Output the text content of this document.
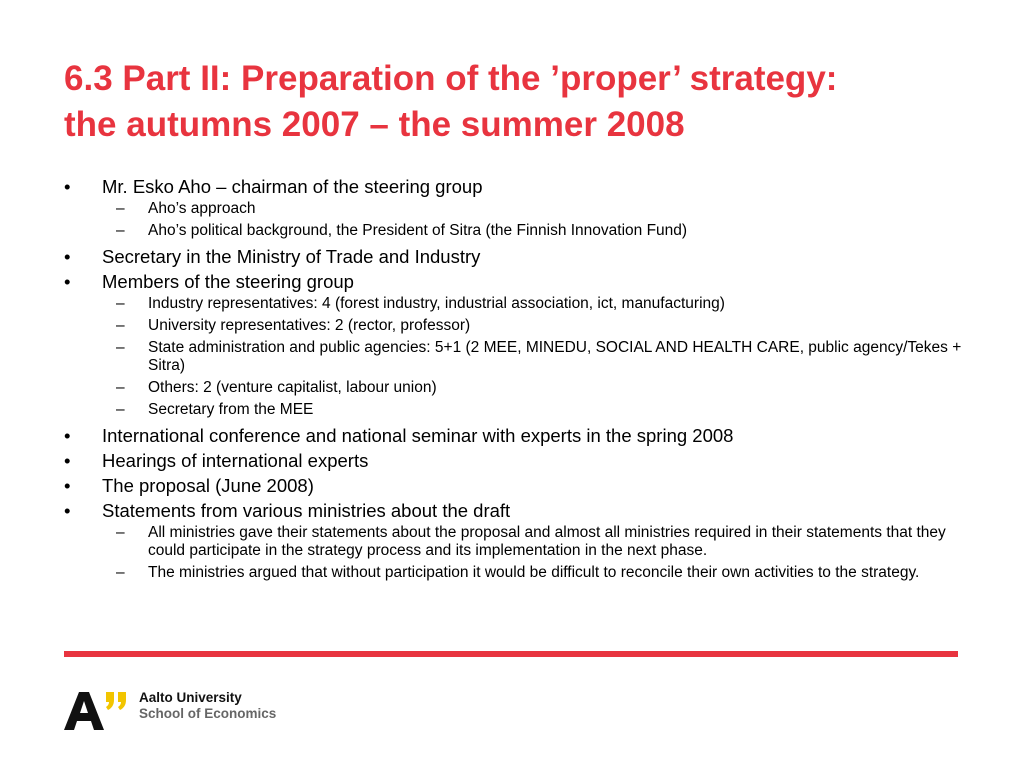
6.3 Part II: Preparation of the ’proper’ strategy:
the autumns 2007 – the summer 2008
•	Mr. Esko Aho – chairman of the steering group
– Aho’s approach
– Aho’s political background, the President of Sitra (the Finnish Innovation Fund)
•	Secretary in the Ministry of Trade and Industry
•	Members of the steering group
– Industry representatives: 4 (forest industry, industrial association, ict, manufacturing)
– University representatives: 2 (rector, professor)
– State administration and public agencies: 5+1 (2 MEE, MINEDU, SOCIAL AND HEALTH CARE, public agency/Tekes + Sitra)
– Others: 2 (venture capitalist, labour union)
– Secretary from the MEE
•	International conference and national seminar with experts in the spring 2008
•	Hearings of international experts
•	The proposal (June 2008)
•	Statements from various ministries about the draft
– All ministries gave their statements about the proposal and almost all ministries required in their statements that they could participate in the strategy process and its implementation in the next phase.
– The ministries argued that without participation it would be difficult to reconcile their own activities to the strategy.
Aalto University
School of Economics
